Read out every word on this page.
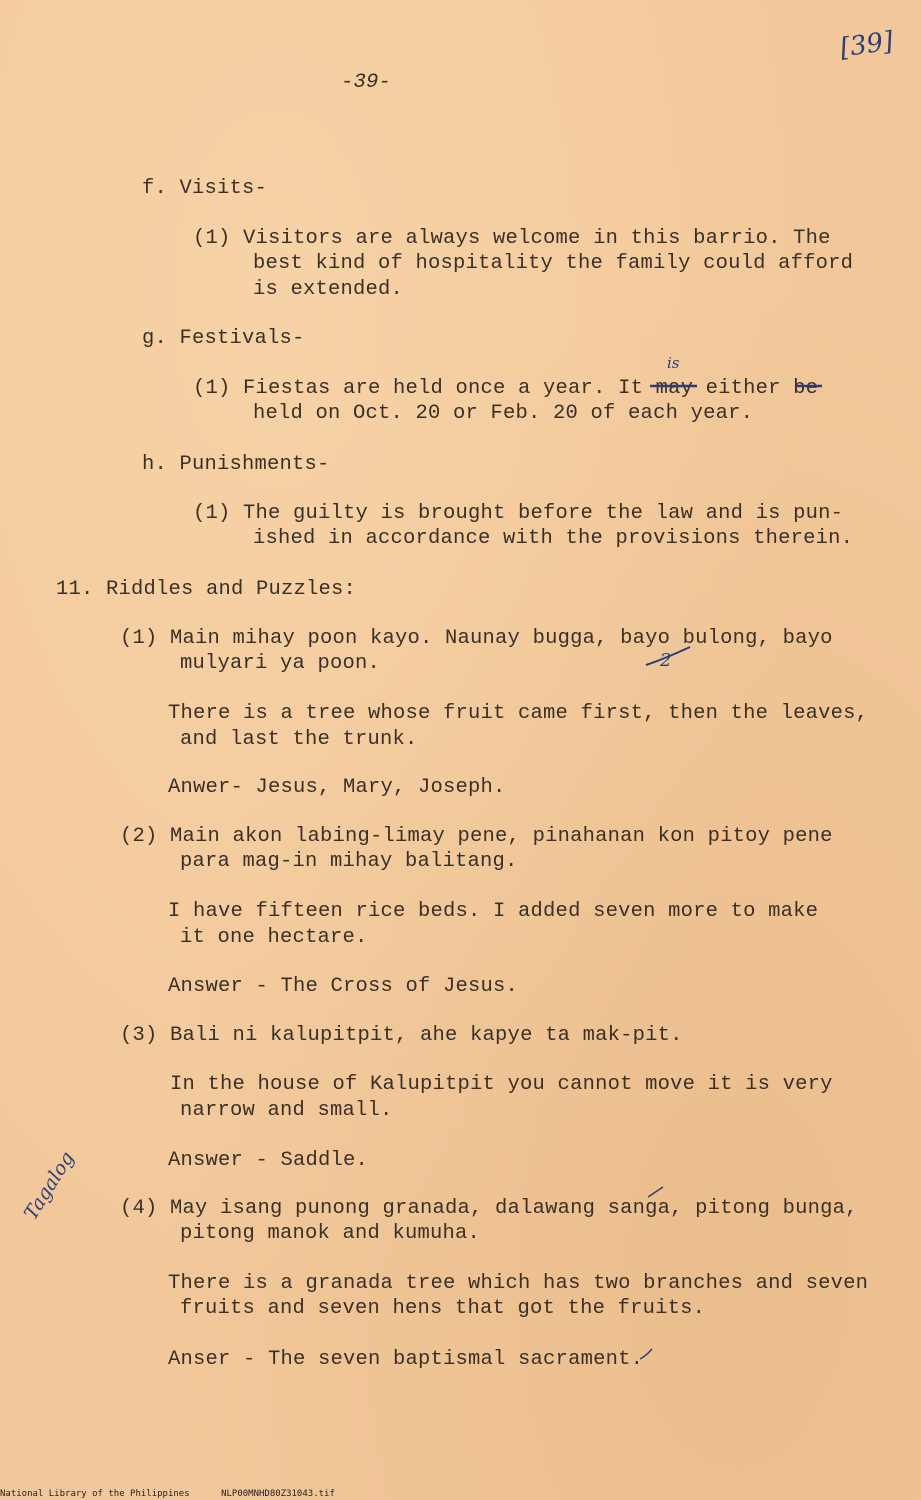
[39]
-39-
f. Visits-
(1) Visitors are always welcome in this barrio. The
best kind of hospitality the family could afford
is extended.
g. Festivals-
(1) Fiestas are held once a year. It may either be
held on Oct. 20 or Feb. 20 of each year.
is
h. Punishments-
(1) The guilty is brought before the law and is pun-
ished in accordance with the provisions therein.
11. Riddles and Puzzles:
(1) Main mihay poon kayo. Naunay bugga, bayo bulong, bayo
mulyari ya poon.	2
There is a tree whose fruit came first, then the leaves,
and last the trunk.
Anwer- Jesus, Mary, Joseph.
(2) Main akon labing-limay pene, pinahanan kon pitoy pene
para mag-in mihay balitang.
I have fifteen rice beds. I added seven more to make
it one hectare.
Answer - The Cross of Jesus.
(3) Bali ni kalupitpit, ahe kapye ta mak-pit.
In the house of Kalupitpit you cannot move it is very
narrow and small.
Answer - Saddle.
Tagalog (4) May isang punong granada, dalawang sanga, pitong bunga,
pitong manok and kumuha.
There is a granada tree which has two branches and seven
fruits and seven hens that got the fruits.
Anser - The seven baptismal sacrament.
National Library of the Philippines	NLP00MNHD80Z31043.tif
